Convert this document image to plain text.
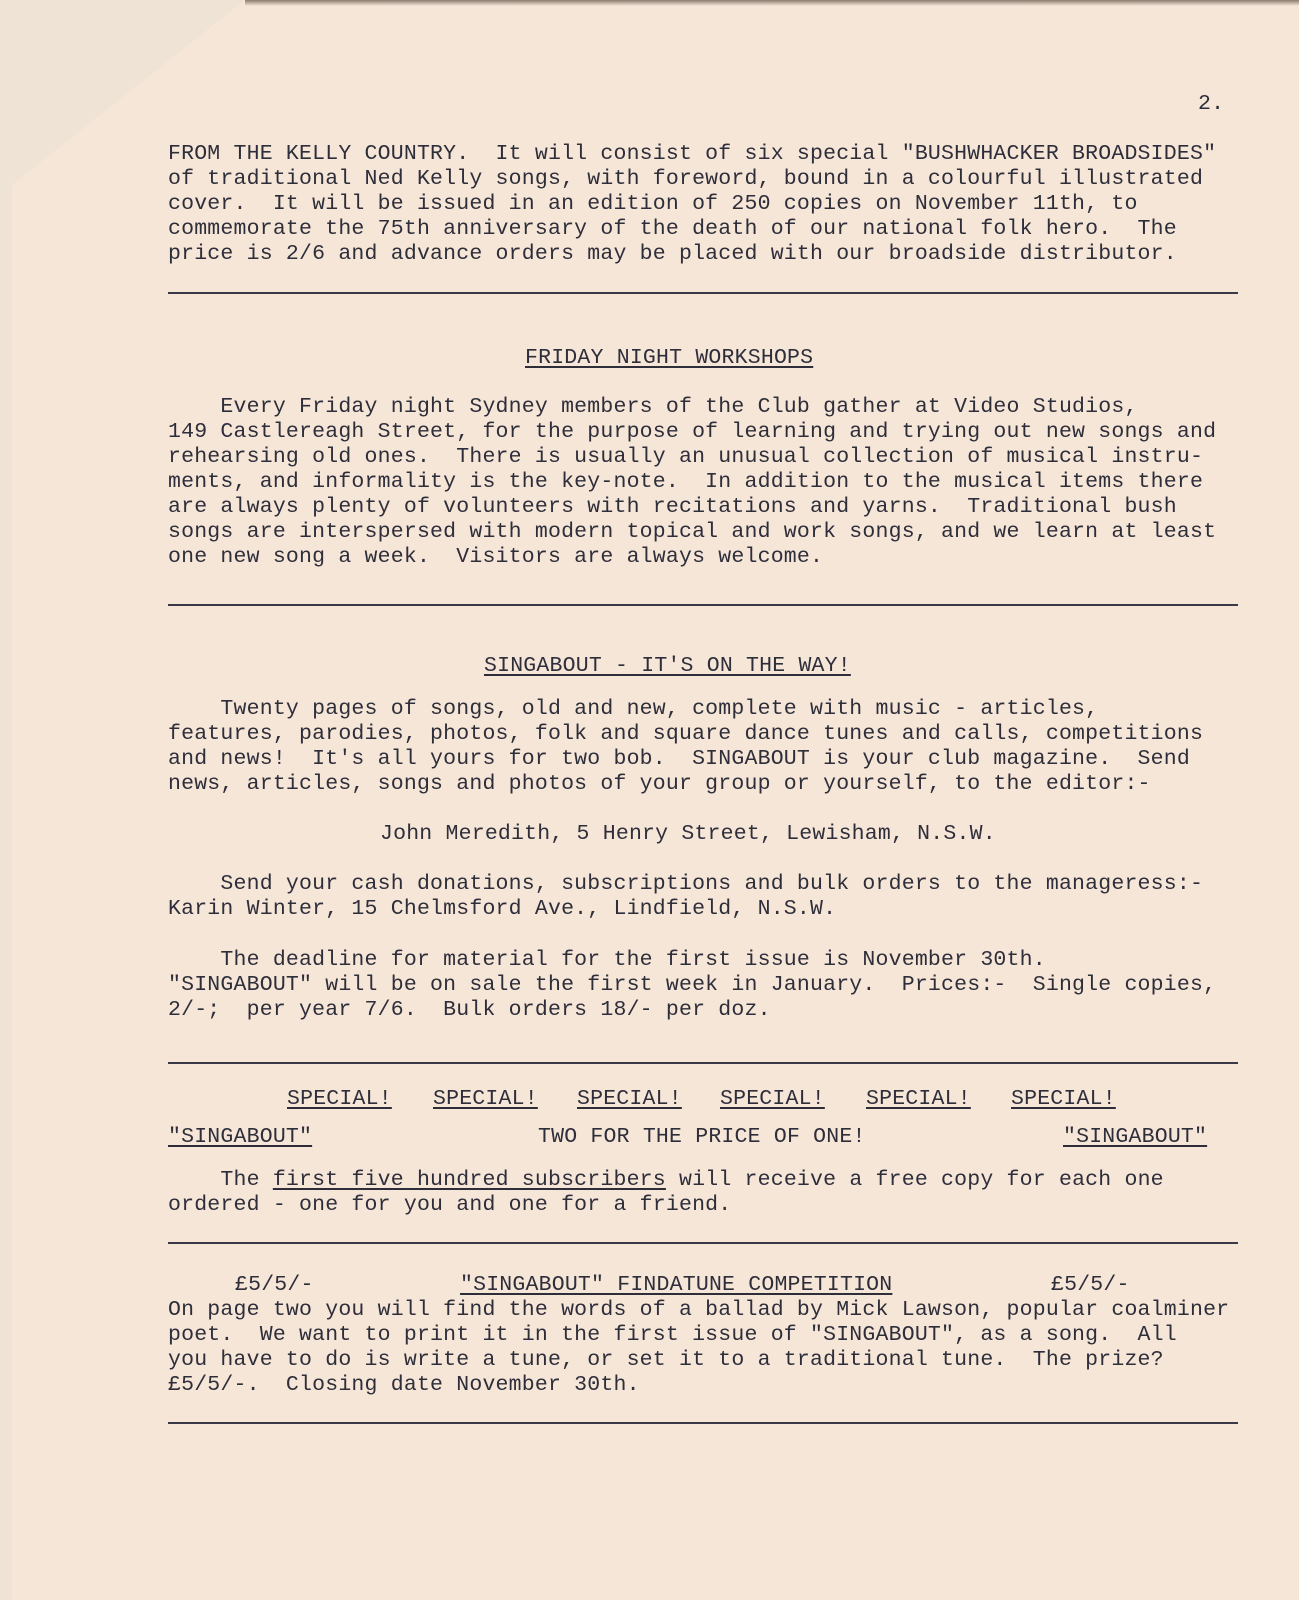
2.
FROM THE KELLY COUNTRY.  It will consist of six special "BUSHWHACKER BROADSIDES"
of traditional Ned Kelly songs, with foreword, bound in a colourful illustrated
cover.  It will be issued in an edition of 250 copies on November 11th, to
commemorate the 75th anniversary of the death of our national folk hero.  The
price is 2/6 and advance orders may be placed with our broadside distributor.
FRIDAY NIGHT WORKSHOPS
Every Friday night Sydney members of the Club gather at Video Studios,
149 Castlereagh Street, for the purpose of learning and trying out new songs and
rehearsing old ones.  There is usually an unusual collection of musical instru-
ments, and informality is the key-note.  In addition to the musical items there
are always plenty of volunteers with recitations and yarns.  Traditional bush
songs are interspersed with modern topical and work songs, and we learn at least
one new song a week.  Visitors are always welcome.
SINGABOUT - IT'S ON THE WAY!
Twenty pages of songs, old and new, complete with music - articles,
features, parodies, photos, folk and square dance tunes and calls, competitions
and news!  It's all yours for two bob.  SINGABOUT is your club magazine.  Send
news, articles, songs and photos of your group or yourself, to the editor:-
John Meredith, 5 Henry Street, Lewisham, N.S.W.
Send your cash donations, subscriptions and bulk orders to the manageress:-
Karin Winter, 15 Chelmsford Ave., Lindfield, N.S.W.
The deadline for material for the first issue is November 30th.
"SINGABOUT" will be on sale the first week in January.  Prices:-  Single copies,
2/-;  per year 7/6.  Bulk orders 18/- per doz.
SPECIAL! SPECIAL! SPECIAL! SPECIAL! SPECIAL! SPECIAL!
"SINGABOUT"	TWO FOR THE PRICE OF ONE!	"SINGABOUT"
The first five hundred subscribers will receive a free copy for each one
ordered - one for you and one for a friend.
£5/5/-	"SINGABOUT" FINDATUNE COMPETITION	£5/5/-
On page two you will find the words of a ballad by Mick Lawson, popular coalminer
poet.  We want to print it in the first issue of "SINGABOUT", as a song.  All
you have to do is write a tune, or set it to a traditional tune.  The prize?
£5/5/-.  Closing date November 30th.
